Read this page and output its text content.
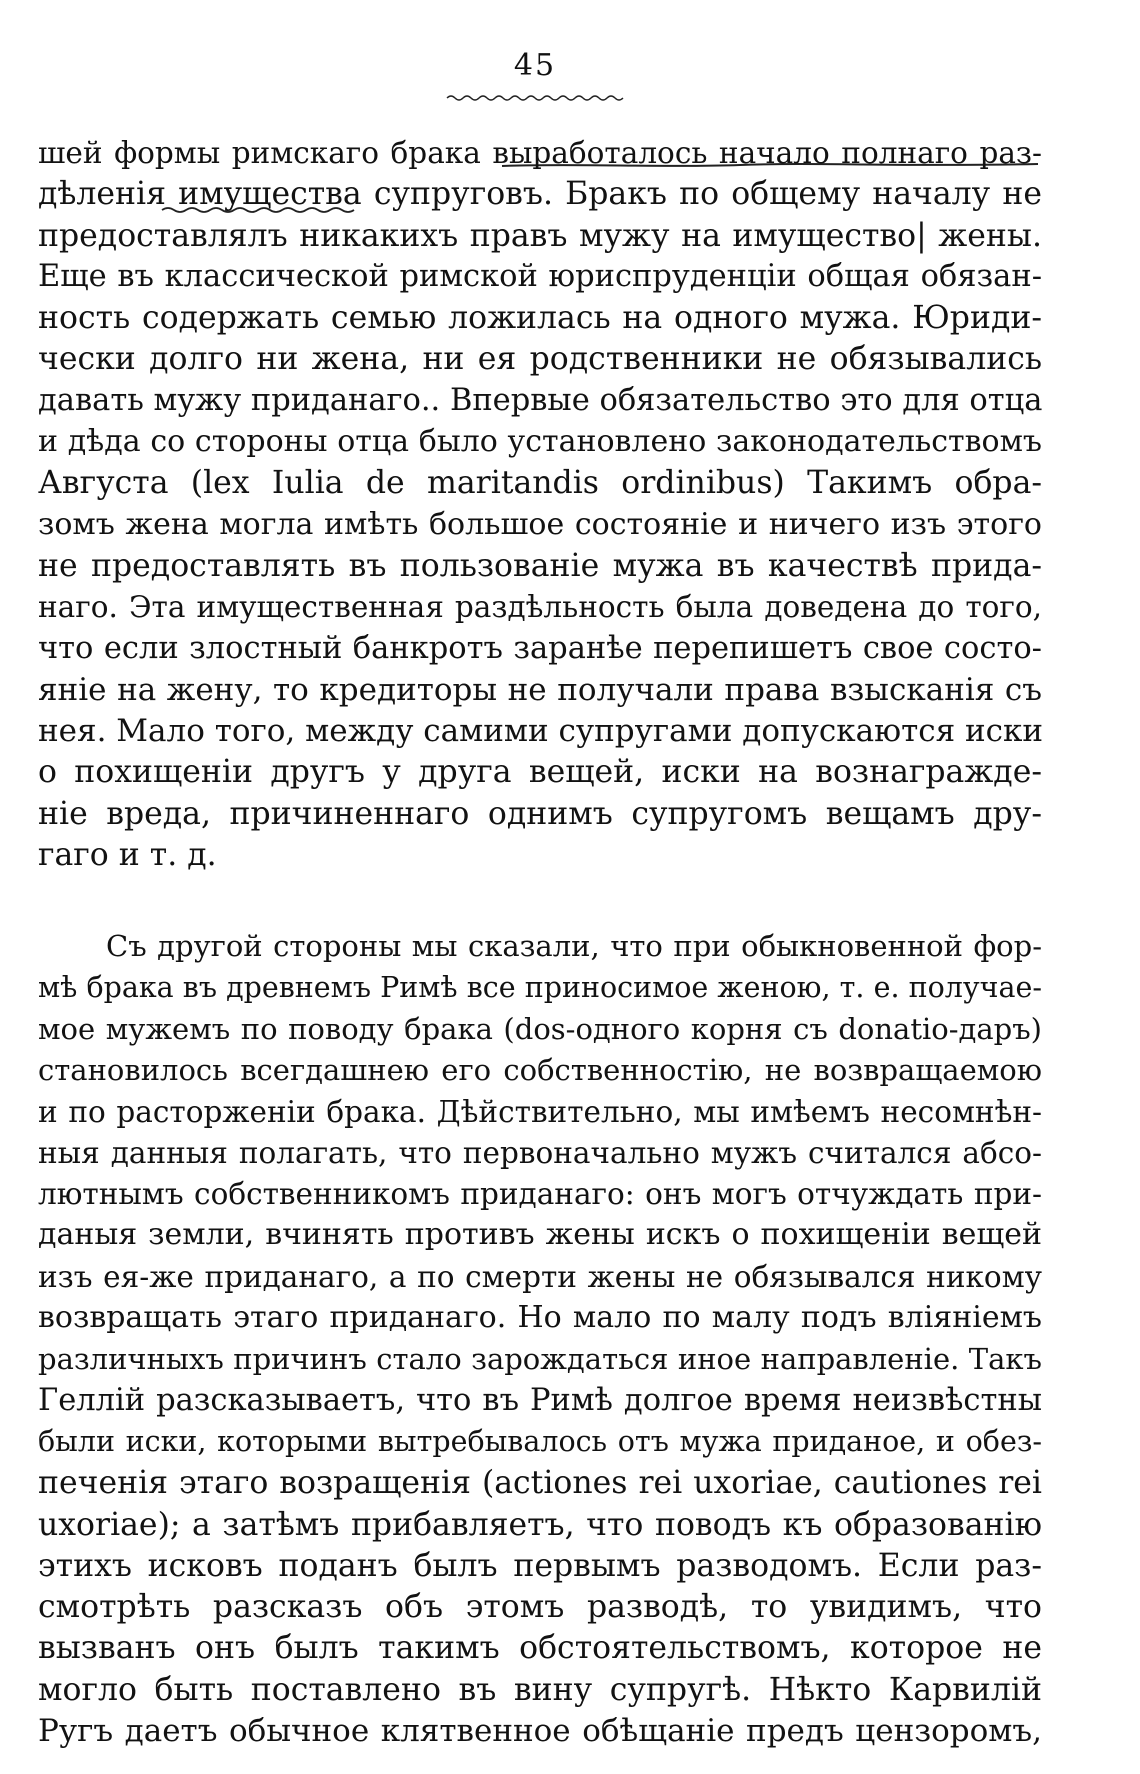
45
шей формы римскаго брака выработалось начало полнаго раз-
дѣленія имущества супруговъ. Бракъ по общему началу не
предоставлялъ никакихъ правъ мужу на имущество| жены.
Еще въ классической римской юриспруденціи общая обязан-
ность содержать семью ложилась на одного мужа. Юриди-
чески долго ни жена, ни ея родственники не обязывались
давать мужу приданаго.. Впервые обязательство это для отца
и дѣда со стороны отца было установлено законодательствомъ
Августа (lex Iulia de maritandis ordinibus) Такимъ обра-
зомъ жена могла имѣть большое состояніе и ничего изъ этого
не предоставлять въ пользованіе мужа въ качествѣ прида-
наго. Эта имущественная раздѣльность была доведена до того,
что если злостный банкротъ заранѣе перепишетъ свое состо-
яніе на жену, то кредиторы не получали права взысканія съ
нея. Мало того, между самими супругами допускаются иски
о похищеніи другъ у друга вещей, иски на вознагражде-
ніе вреда, причиненнаго однимъ супругомъ вещамъ дру-
гаго и т. д.
Съ другой стороны мы сказали, что при обыкновенной фор-
мѣ брака въ древнемъ Римѣ все приносимое женою, т. е. получае-
мое мужемъ по поводу брака (dos-одного корня съ donatio-даръ)
становилось всегдашнею его собственностію, не возвращаемою
и по расторженіи брака. Дѣйствительно, мы имѣемъ несомнѣн-
ныя данныя полагать, что первоначально мужъ считался абсо-
лютнымъ собственникомъ приданаго: онъ могъ отчуждать при-
даныя земли, вчинять противъ жены искъ о похищеніи вещей
изъ ея-же приданаго, а по смерти жены не обязывался никому
возвращать этаго приданаго. Но мало по малу подъ вліяніемъ
различныхъ причинъ стало зарождаться иное направленіе. Такъ
Геллій разсказываетъ, что въ Римѣ долгое время неизвѣстны
были иски, которыми вытребывалось отъ мужа приданое, и обез-
печенія этаго возращенія (actiones rei uxoriae, cautiones rei
uxoriae); а затѣмъ прибавляетъ, что поводъ къ образованію
этихъ исковъ поданъ былъ первымъ разводомъ. Если раз-
смотрѣть разсказъ объ этомъ разводѣ, то увидимъ, что
вызванъ онъ былъ такимъ обстоятельствомъ, которое не
могло быть поставлено въ вину супругѣ. Нѣкто Карвилій
Ругъ даетъ обычное клятвенное обѣщаніе предъ цензоромъ,
